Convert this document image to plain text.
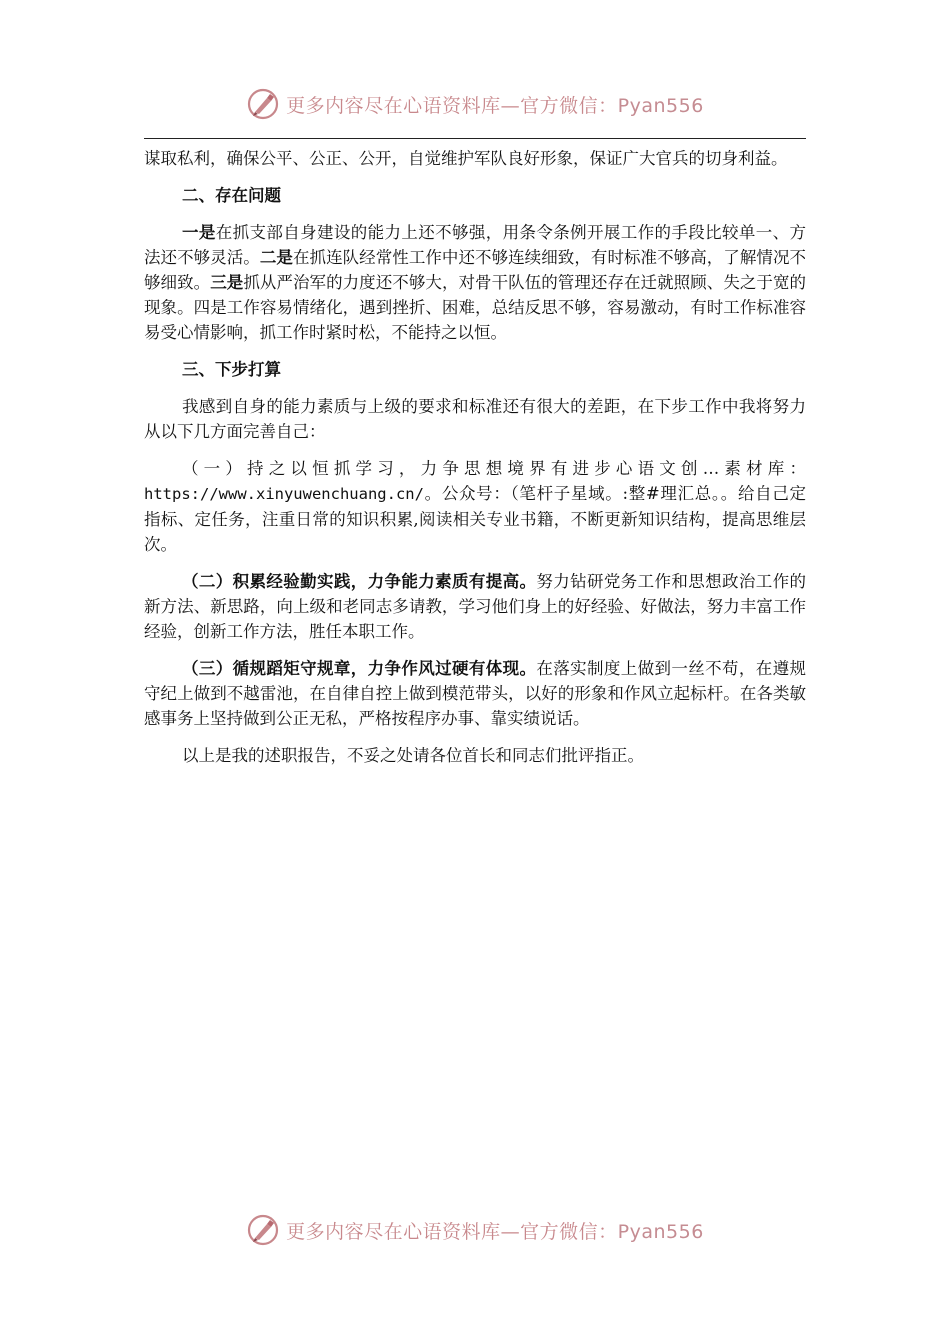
更多内容尽在心语资料库—官方微信：Pyan556

谋取私利，确保公平、公正、公开，自觉维护军队良好形象，保证广大官兵的切身利益。

二、存在问题

一是在抓支部自身建设的能力上还不够强，用条令条例开展工作的手段比较单一、方法还不够灵活。二是在抓连队经常性工作中还不够连续细致，有时标准不够高，了解情况不够细致。三是抓从严治军的力度还不够大，对骨干队伍的管理还存在迁就照顾、失之于宽的现象。四是工作容易情绪化，遇到挫折、困难，总结反思不够，容易激动，有时工作标准容易受心情影响，抓工作时紧时松，不能持之以恒。

三、下步打算

我感到自身的能力素质与上级的要求和标准还有很大的差距，在下步工作中我将努力从以下几方面完善自己：

（一）持之以恒抓学习，力争思想境界有进步心语文创…素材库：https://www.xinyuwenchuang.cn/。公众号：（笔杆子星域。:整#理汇总。。给自己定指标、定任务，注重日常的知识积累,阅读相关专业书籍，不断更新知识结构，提高思维层次。

（二）积累经验勤实践，力争能力素质有提高。努力钻研党务工作和思想政治工作的新方法、新思路，向上级和老同志多请教，学习他们身上的好经验、好做法，努力丰富工作经验，创新工作方法，胜任本职工作。

（三）循规蹈矩守规章，力争作风过硬有体现。在落实制度上做到一丝不苟，在遵规守纪上做到不越雷池，在自律自控上做到模范带头，以好的形象和作风立起标杆。在各类敏感事务上坚持做到公正无私，严格按程序办事、靠实绩说话。

以上是我的述职报告，不妥之处请各位首长和同志们批评指正。

更多内容尽在心语资料库—官方微信：Pyan556
